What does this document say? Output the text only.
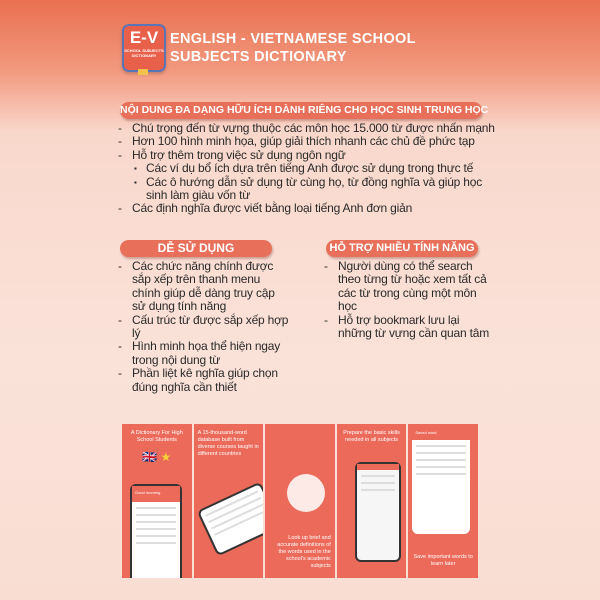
E-V
SCHOOL SUBJECTS DICTIONARY
ENGLISH - VIETNAMESE SCHOOL
SUBJECTS DICTIONARY
NỘI DUNG ĐA DẠNG HỮU ÍCH DÀNH RIÊNG CHO HỌC SINH TRUNG HỌC
- Chú trọng đến từ vựng thuộc các môn học 15.000 từ được nhấn mạnh
- Hơn 100 hình minh họa, giúp giải thích nhanh các chủ đề phức tạp
- Hỗ trợ thêm trong việc sử dụng ngôn ngữ
▪ Các ví dụ bổ ích dựa trên tiếng Anh được sử dụng trong thực tế
▪ Các ô hướng dẫn sử dụng từ cùng họ, từ đồng nghĩa và giúp học sinh làm giàu vốn từ
- Các định nghĩa được viết bằng loại tiếng Anh đơn giản
DỄ SỬ DỤNG
- Các chức năng chính được sắp xếp trên thanh menu chính giúp dễ dàng truy cập sử dụng tính năng
- Cấu trúc từ được sắp xếp hợp lý
- Hình minh họa thể hiện ngay trong nội dung từ
- Phần liệt kê nghĩa giúp chọn đúng nghĩa cần thiết
HỖ TRỢ NHIỀU TÍNH NĂNG
- Người dùng có thể search theo từng từ hoặc xem tất cả các từ trong cùng một môn học
- Hỗ trợ bookmark lưu lại những từ vựng cần quan tâm
A Dictionary For High School Students
🇬🇧 ★
Good morning
A 15-thousand-word database built from diverse courses taught in different countries
Look up brief and accurate definitions of the words used in the school's academic subjects
Prepare the basic skills needed in all subjects
Saved word
Save important words to learn later
